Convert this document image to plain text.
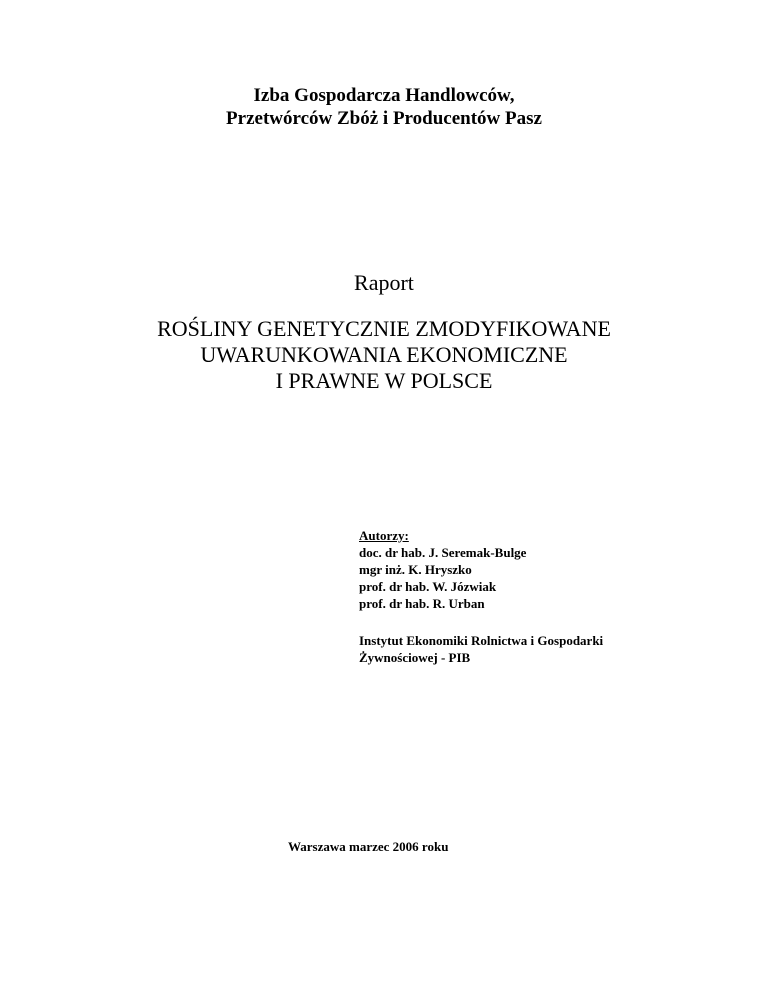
Izba Gospodarcza Handlowców,
Przetwórców Zbóż i Producentów Pasz
Raport
ROŚLINY GENETYCZNIE ZMODYFIKOWANE
UWARUNKOWANIA EKONOMICZNE
I PRAWNE W POLSCE
Autorzy:
doc. dr hab. J. Seremak-Bulge
mgr inż. K. Hryszko
prof. dr hab. W. Józwiak
prof. dr hab. R. Urban
Instytut Ekonomiki Rolnictwa i Gospodarki
Żywnościowej - PIB
Warszawa marzec 2006 roku
